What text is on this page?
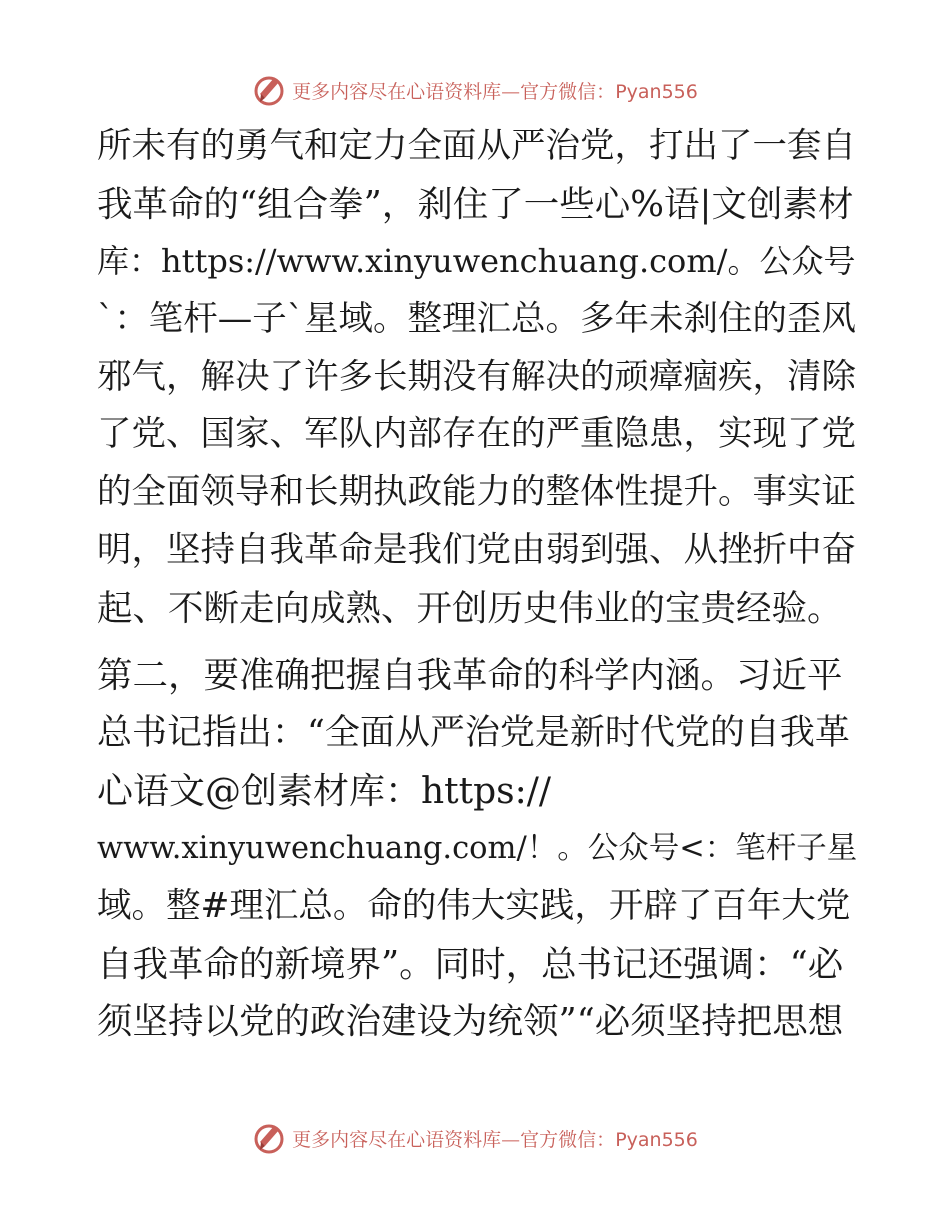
更多内容尽在心语资料库—官方微信：Pyan556
所未有的勇气和定力全面从严治党，打出了一套自
我革命的“组合拳”，刹住了一些心%语|文创素材
库：https://www.xinyuwenchuang.com/。公众号
`：笔杆—子`星域。整理汇总。多年未刹住的歪风
邪气，解决了许多长期没有解决的顽瘴痼疾，清除
了党、国家、军队内部存在的严重隐患，实现了党
的全面领导和长期执政能力的整体性提升。事实证
明，坚持自我革命是我们党由弱到强、从挫折中奋
起、不断走向成熟、开创历史伟业的宝贵经验。
第二，要准确把握自我革命的科学内涵。习近平
总书记指出：“全面从严治党是新时代党的自我革
心语文@创素材库：https://
www.xinyuwenchuang.com/！。公众号<：笔杆子星
域。整#理汇总。命的伟大实践，开辟了百年大党
自我革命的新境界”。同时，总书记还强调：“必
须坚持以党的政治建设为统领”“必须坚持把思想
更多内容尽在心语资料库—官方微信：Pyan556
